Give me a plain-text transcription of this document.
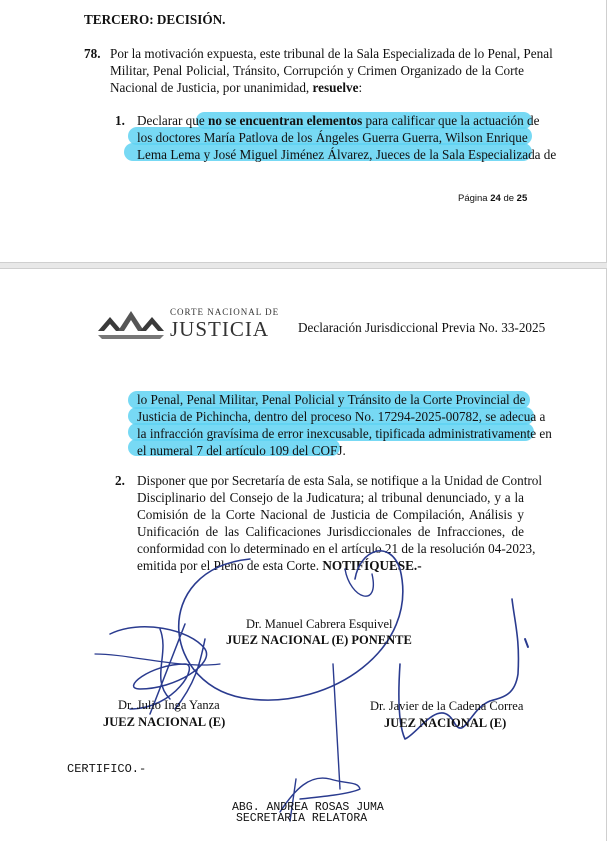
TERCERO: DECISIÓN.
78. Por la motivación expuesta, este tribunal de la Sala Especializada de lo Penal, Penal
Militar, Penal Policial, Tránsito, Corrupción y Crimen Organizado de la Corte
Nacional de Justicia, por unanimidad, resuelve:
1. Declarar que no se encuentran elementos para calificar que la actuación de
los doctores María Patlova de los Ángeles Guerra Guerra, Wilson Enrique
Lema Lema y José Miguel Jiménez Álvarez, Jueces de la Sala Especializada de
Página 24 de 25
CORTE NACIONAL DE
JUSTICIA Declaración Jurisdiccional Previa No. 33-2025
lo Penal, Penal Militar, Penal Policial y Tránsito de la Corte Provincial de
Justicia de Pichincha, dentro del proceso No. 17294-2025-00782, se adecua a
la infracción gravísima de error inexcusable, tipificada administrativamente en
el numeral 7 del artículo 109 del COFJ.
2. Disponer que por Secretaría de esta Sala, se notifique a la Unidad de Control
Disciplinario del Consejo de la Judicatura; al tribunal denunciado, y a la
Comisión de la Corte Nacional de Justicia de Compilación, Análisis y
Unificación de las Calificaciones Jurisdiccionales de Infracciones, de
conformidad con lo determinado en el artículo 21 de la resolución 04-2023,
emitida por el Pleno de esta Corte. NOTIFÍQUESE.-
Dr. Manuel Cabrera Esquivel
JUEZ NACIONAL (E) PONENTE
Dr. Julio Inga Yanza
JUEZ NACIONAL (E)
Dr. Javier de la Cadena Correa
JUEZ NACIONAL (E)
CERTIFICO.-
ABG. ANDREA ROSAS JUMA
SECRETARIA RELATORA
